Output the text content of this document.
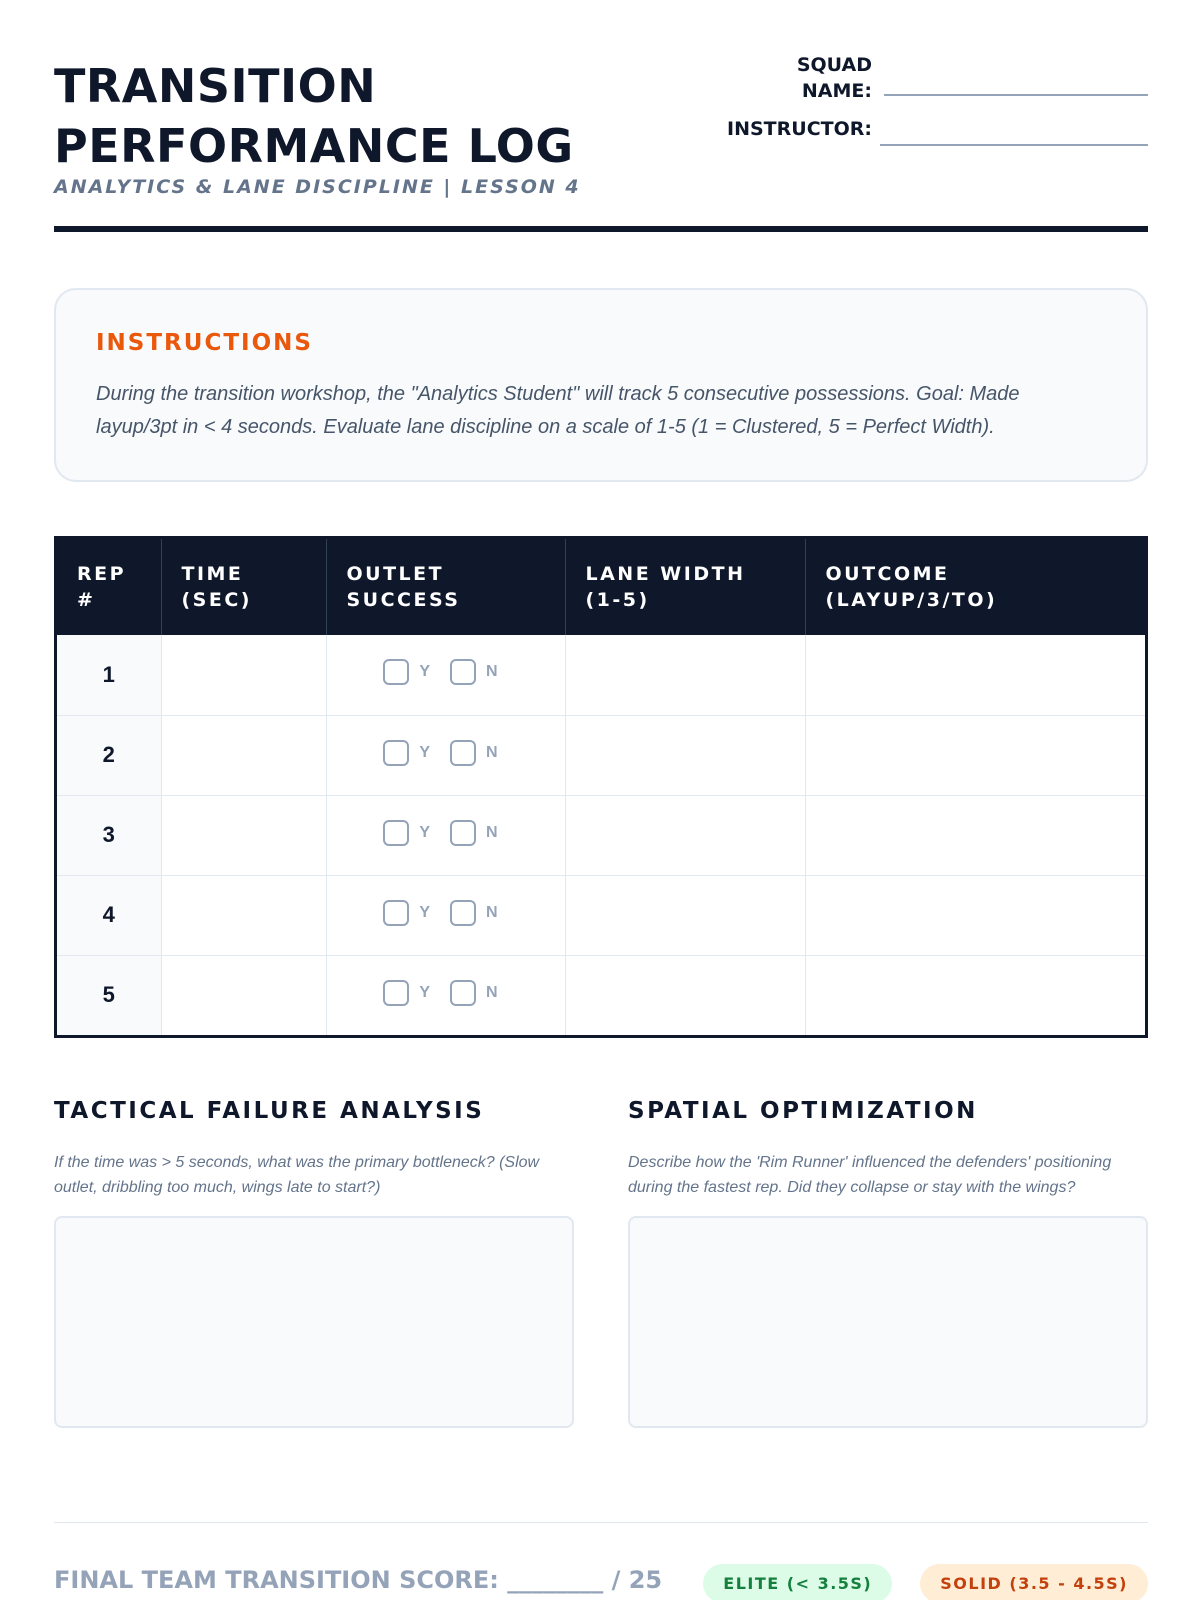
TRANSITION
PERFORMANCE LOG
ANALYTICS & LANE DISCIPLINE | LESSON 4
SQUAD
NAME:
INSTRUCTOR:
INSTRUCTIONS

During the transition workshop, the "Analytics Student" will track 5 consecutive possessions. Goal: Made layup/3pt in < 4 seconds. Evaluate lane discipline on a scale of 1-5 (1 = Clustered, 5 = Perfect Width).

REP #	TIME (SEC)	OUTLET SUCCESS	LANE WIDTH (1-5)	OUTCOME (LAYUP/3/TO)
1		Y N		

2		Y N		

3		Y N		

4		Y N		

5		Y N		

TACTICAL FAILURE ANALYSIS

If the time was > 5 seconds, what was the primary bottleneck? (Slow outlet, dribbling too much, wings late to start?)

SPATIAL OPTIMIZATION

Describe how the 'Rim Runner' influenced the defenders' positioning during the fastest rep. Did they collapse or stay with the wings?

FINAL TEAM TRANSITION SCORE: ________ / 25	ELITE (< 3.5S)	SOLID (3.5 - 4.5S)
